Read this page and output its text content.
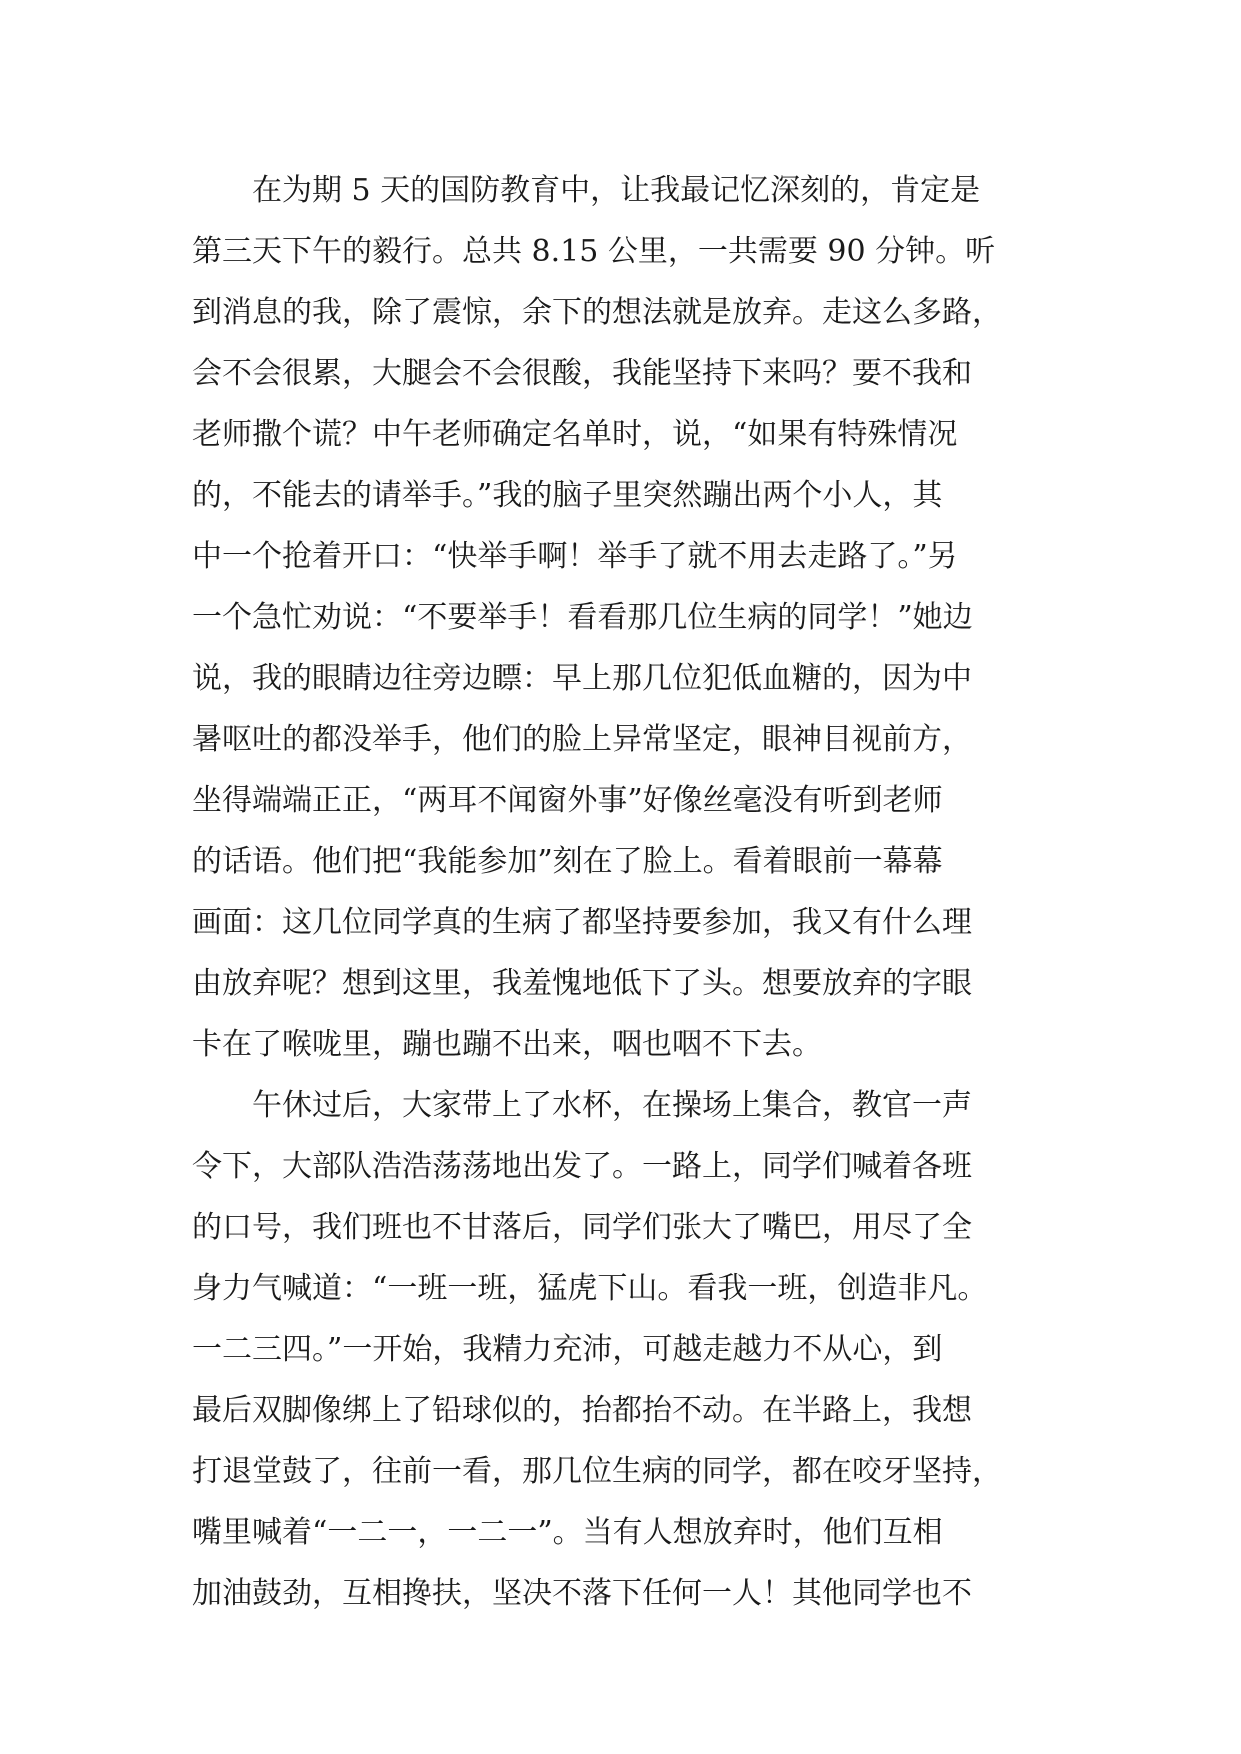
在为期 5 天的国防教育中，让我最记忆深刻的，肯定是
第三天下午的毅行。总共 8.15 公里，一共需要 90 分钟。听
到消息的我，除了震惊，余下的想法就是放弃。走这么多路，
会不会很累，大腿会不会很酸，我能坚持下来吗？要不我和
老师撒个谎？中午老师确定名单时，说，“如果有特殊情况
的，不能去的请举手。”我的脑子里突然蹦出两个小人，其
中一个抢着开口：“快举手啊！举手了就不用去走路了。”另
一个急忙劝说：“不要举手！看看那几位生病的同学！”她边
说，我的眼睛边往旁边瞟：早上那几位犯低血糖的，因为中
暑呕吐的都没举手，他们的脸上异常坚定，眼神目视前方，
坐得端端正正，“两耳不闻窗外事”好像丝毫没有听到老师
的话语。他们把“我能参加”刻在了脸上。看着眼前一幕幕
画面：这几位同学真的生病了都坚持要参加，我又有什么理
由放弃呢？想到这里，我羞愧地低下了头。想要放弃的字眼
卡在了喉咙里，蹦也蹦不出来，咽也咽不下去。
午休过后，大家带上了水杯，在操场上集合，教官一声
令下，大部队浩浩荡荡地出发了。一路上，同学们喊着各班
的口号，我们班也不甘落后，同学们张大了嘴巴，用尽了全
身力气喊道：“一班一班，猛虎下山。看我一班，创造非凡。
一二三四。”一开始，我精力充沛，可越走越力不从心，到
最后双脚像绑上了铅球似的，抬都抬不动。在半路上，我想
打退堂鼓了，往前一看，那几位生病的同学，都在咬牙坚持，
嘴里喊着“一二一，一二一”。当有人想放弃时，他们互相
加油鼓劲，互相搀扶，坚决不落下任何一人！其他同学也不
